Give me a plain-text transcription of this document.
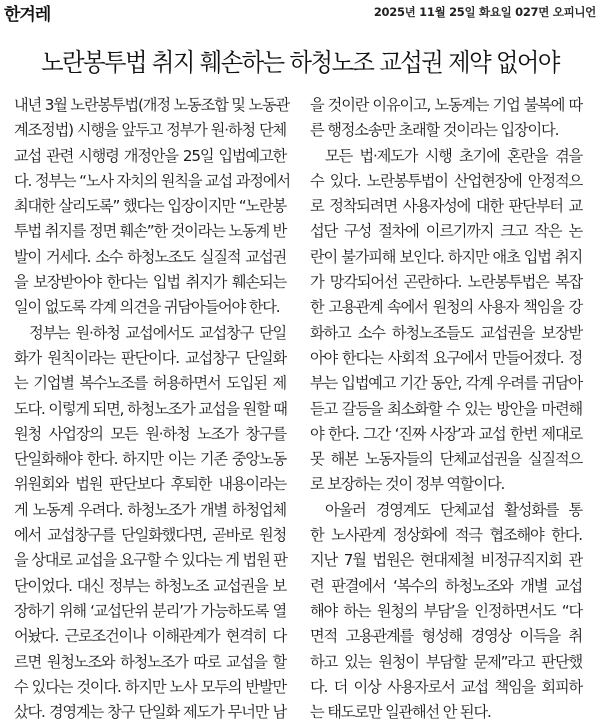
한겨레	2025년 11월 25일 화요일 027면 오피니언
노란봉투법 취지 훼손하는 하청노조 교섭권 제약 없어야
내년 3월 노란봉투법(개정 노동조합 및 노동관
계조정법) 시행을 앞두고 정부가 원·하청 단체
교섭 관련 시행령 개정안을 25일 입법예고한
다. 정부는 “노사 자치의 원칙을 교섭 과정에서
최대한 살리도록” 했다는 입장이지만 “노란봉
투법 취지를 정면 훼손”한 것이라는 노동계 반
발이 거세다. 소수 하청노조도 실질적 교섭권
을 보장받아야 한다는 입법 취지가 훼손되는
일이 없도록 각계 의견을 귀담아들어야 한다.
정부는 원·하청 교섭에서도 교섭창구 단일
화가 원칙이라는 판단이다. 교섭창구 단일화
는 기업별 복수노조를 허용하면서 도입된 제
도다. 이렇게 되면, 하청노조가 교섭을 원할 때
원청 사업장의 모든 원·하청 노조가 창구를
단일화해야 한다. 하지만 이는 기존 중앙노동
위원회와 법원 판단보다 후퇴한 내용이라는
게 노동계 우려다. 하청노조가 개별 하청업체
에서 교섭창구를 단일화했다면, 곧바로 원청
을 상대로 교섭을 요구할 수 있다는 게 법원 판
단이었다. 대신 정부는 하청노조 교섭권을 보
장하기 위해 ‘교섭단위 분리’가 가능하도록 열
어놨다. 근로조건이나 이해관계가 현격히 다
르면 원청노조와 하청노조가 따로 교섭을 할
수 있다는 것이다. 하지만 노사 모두의 반발만
샀다. 경영계는 창구 단일화 제도가 무너만 남
을 것이란 이유이고, 노동계는 기업 불복에 따
른 행정소송만 초래할 것이라는 입장이다.
모든 법·제도가 시행 초기에 혼란을 겪을
수 있다. 노란봉투법이 산업현장에 안정적으
로 정착되려면 사용자성에 대한 판단부터 교
섭단 구성 절차에 이르기까지 크고 작은 논
란이 불가피해 보인다. 하지만 애초 입법 취지
가 망각되어선 곤란하다. 노란봉투법은 복잡
한 고용관계 속에서 원청의 사용자 책임을 강
화하고 소수 하청노조들도 교섭권을 보장받
아야 한다는 사회적 요구에서 만들어졌다. 정
부는 입법예고 기간 동안, 각계 우려를 귀담아
듣고 갈등을 최소화할 수 있는 방안을 마련해
야 한다. 그간 ‘진짜 사장’과 교섭 한번 제대로
못 해본 노동자들의 단체교섭권을 실질적으
로 보장하는 것이 정부 역할이다.
아울러 경영계도 단체교섭 활성화를 통
한 노사관계 정상화에 적극 협조해야 한다.
지난 7월 법원은 현대제철 비정규직지회 관
련 판결에서 ‘복수의 하청노조와 개별 교섭
해야 하는 원청의 부담’을 인정하면서도 “다
면적 고용관계를 형성해 경영상 이득을 취
하고 있는 원청이 부담할 문제”라고 판단했
다. 더 이상 사용자로서 교섭 책임을 회피하
는 태도로만 일관해선 안 된다.
